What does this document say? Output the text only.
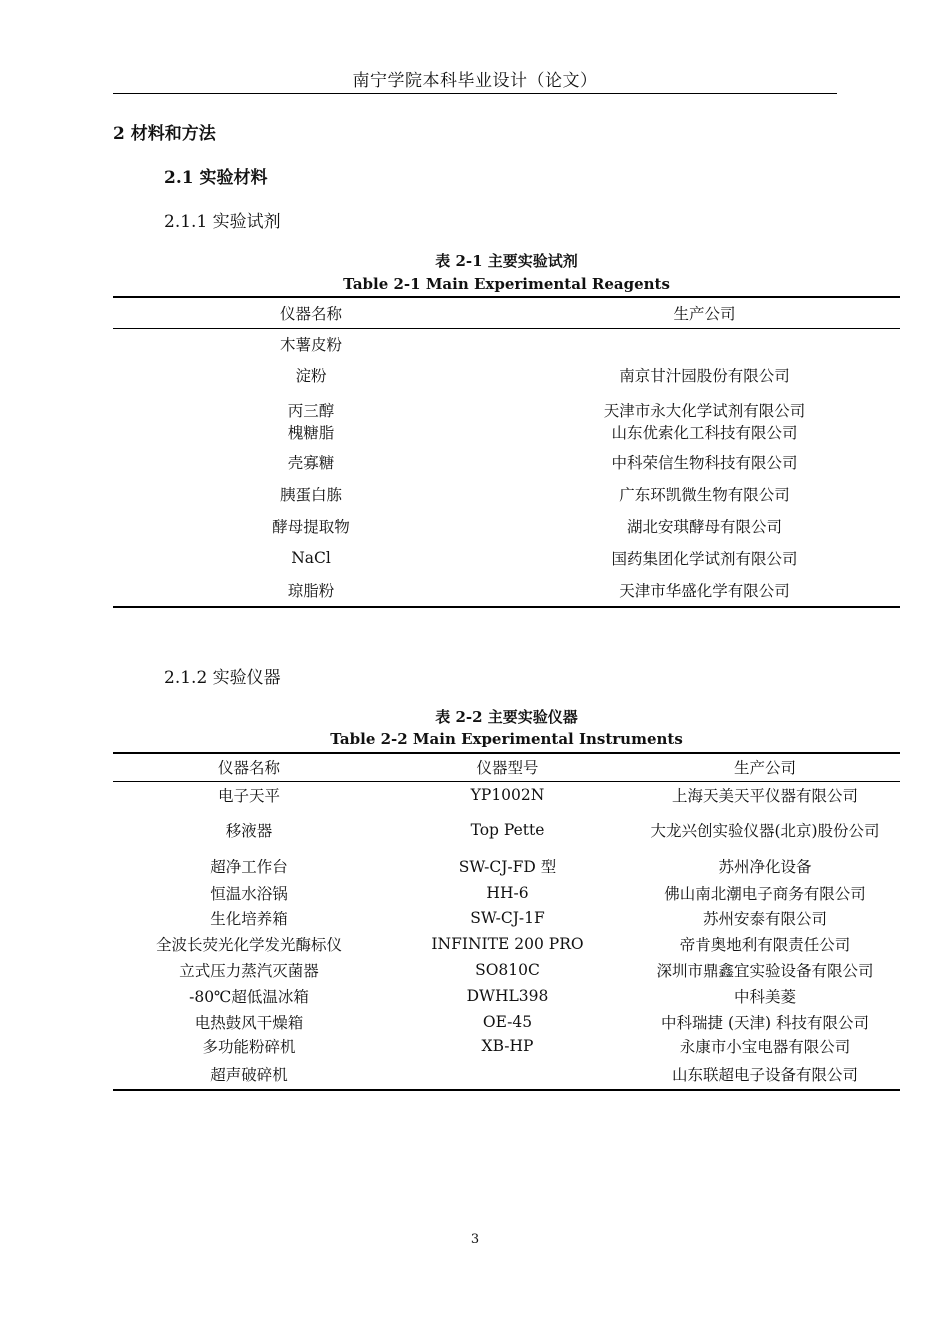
南宁学院本科毕业设计（论文）
2 材料和方法
2.1 实验材料
2.1.1 实验试剂
表 2-1 主要实验试剂
Table 2-1 Main Experimental Reagents
仪器名称	生产公司
木薯皮粉	
淀粉	南京甘汁园股份有限公司
丙三醇	天津市永大化学试剂有限公司
槐糖脂	山东优索化工科技有限公司
壳寡糖	中科荣信生物科技有限公司
胰蛋白胨	广东环凯微生物有限公司
酵母提取物	湖北安琪酵母有限公司
NaCl	国药集团化学试剂有限公司
琼脂粉	天津市华盛化学有限公司
2.1.2 实验仪器
表 2-2 主要实验仪器
Table 2-2 Main Experimental Instruments
仪器名称	仪器型号	生产公司
电子天平	YP1002N	上海天美天平仪器有限公司
移液器	Top Pette	大龙兴创实验仪器(北京)股份公司
超净工作台	SW-CJ-FD 型	苏州净化设备
恒温水浴锅	HH-6	佛山南北潮电子商务有限公司
生化培养箱	SW-CJ-1F	苏州安泰有限公司
全波长荧光化学发光酶标仪	INFINITE 200 PRO	帝肯奥地利有限责任公司
立式压力蒸汽灭菌器	SO810C	深圳市鼎鑫宜实验设备有限公司
-80℃超低温冰箱	DWHL398	中科美菱
电热鼓风干燥箱	OE-45	中科瑞捷 (天津) 科技有限公司
多功能粉碎机	XB-HP	永康市小宝电器有限公司
超声破碎机		山东联超电子设备有限公司
3
